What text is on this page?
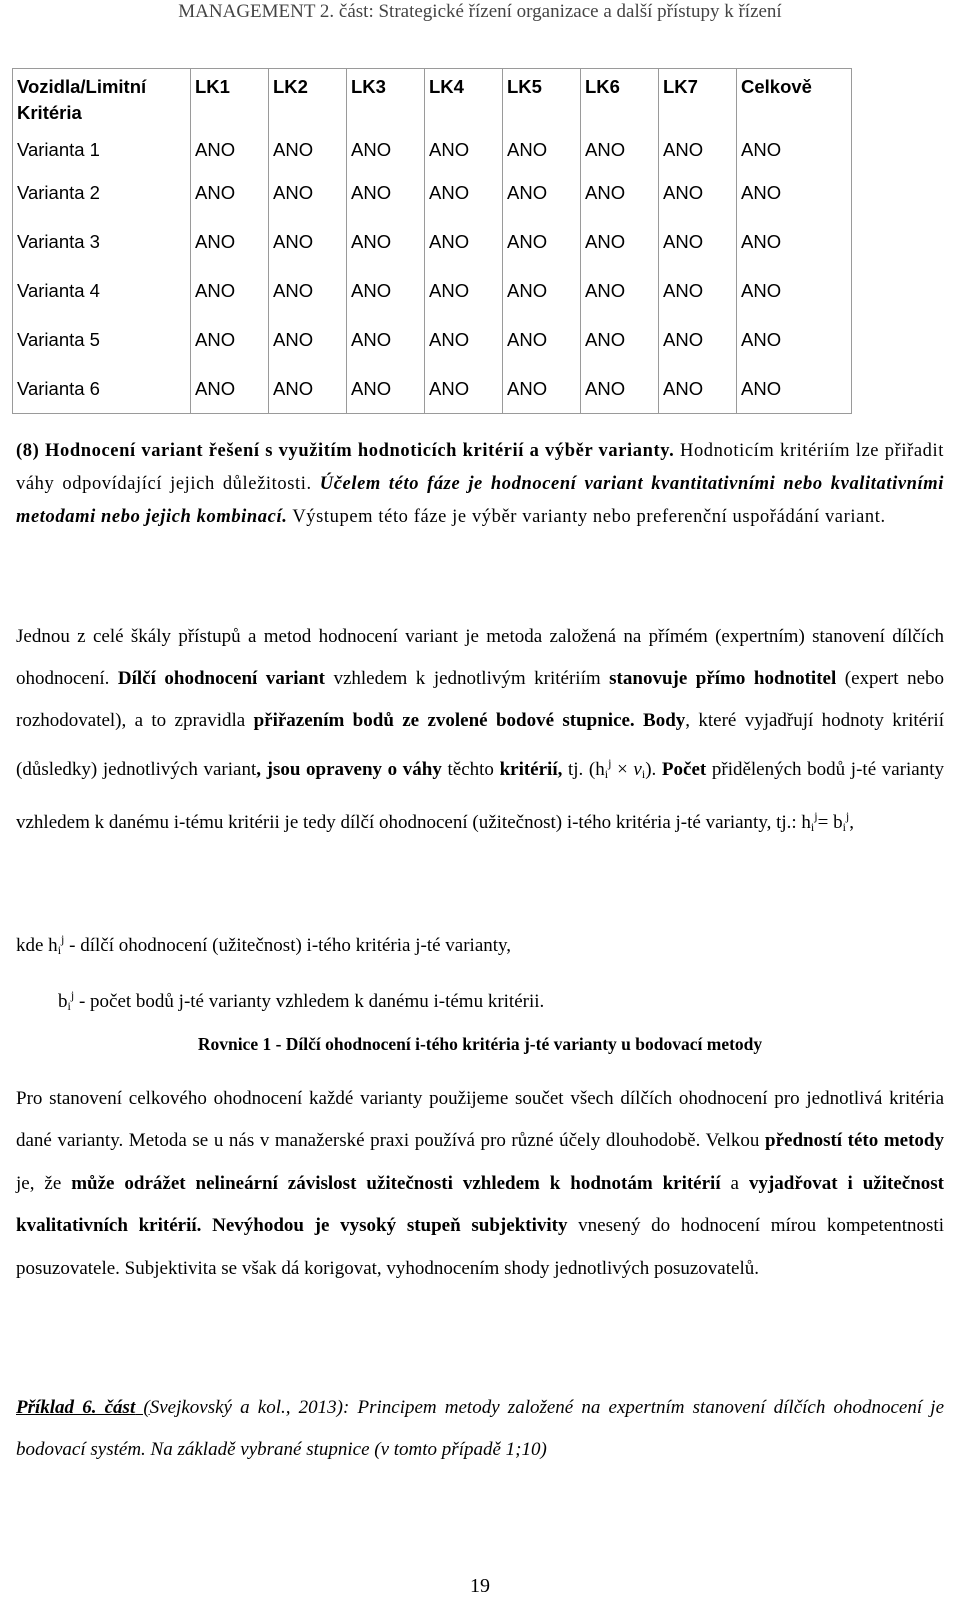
MANAGEMENT 2. část: Strategické řízení organizace a další přístupy k řízení
Vozidla/Limitní Kritéria	LK1	LK2	LK3	LK4	LK5	LK6	LK7	Celkově
Varianta 1	ANO	ANO	ANO	ANO	ANO	ANO	ANO	ANO
Varianta 2	ANO	ANO	ANO	ANO	ANO	ANO	ANO	ANO
Varianta 3	ANO	ANO	ANO	ANO	ANO	ANO	ANO	ANO
Varianta 4	ANO	ANO	ANO	ANO	ANO	ANO	ANO	ANO
Varianta 5	ANO	ANO	ANO	ANO	ANO	ANO	ANO	ANO
Varianta 6	ANO	ANO	ANO	ANO	ANO	ANO	ANO	ANO

(8) Hodnocení variant řešení s využitím hodnoticích kritérií a výběr varianty. Hodnoticím kritériím lze přiřadit váhy odpovídající jejich důležitosti. Účelem této fáze je hodnocení variant kvantitativními nebo kvalitativními metodami nebo jejich kombinací. Výstupem této fáze je výběr varianty nebo preferenční uspořádání variant.

Jednou z celé škály přístupů a metod hodnocení variant je metoda založená na přímém (expertním) stanovení dílčích ohodnocení. Dílčí ohodnocení variant vzhledem k jednotlivým kritériím stanovuje přímo hodnotitel (expert nebo rozhodovatel), a to zpravidla přiřazením bodů ze zvolené bodové stupnice. Body, které vyjadřují hodnoty kritérií (důsledky) jednotlivých variant, jsou opraveny o váhy těchto kritérií, tj. $(h_i^j \times v_i)$. Počet přidělených bodů j-té varianty vzhledem k danému i-tému kritérii je tedy dílčí ohodnocení (užitečnost) i-tého kritéria j-té varianty, tj.: $h_i^j= b_i^j$,

kde $h_i^j$ - dílčí ohodnocení (užitečnost) i-tého kritéria j-té varianty,
$b_i^j$ - počet bodů j-té varianty vzhledem k danému i-tému kritérii.
Rovnice 1 - Dílčí ohodnocení i-tého kritéria j-té varianty u bodovací metody

Pro stanovení celkového ohodnocení každé varianty použijeme součet všech dílčích ohodnocení pro jednotlivá kritéria dané varianty. Metoda se u nás v manažerské praxi používá pro různé účely dlouhodobě. Velkou předností této metody je, že může odrážet nelineární závislost užitečnosti vzhledem k hodnotám kritérií a vyjadřovat i užitečnost kvalitativních kritérií. Nevýhodou je vysoký stupeň subjektivity vnesený do hodnocení mírou kompetentnosti posuzovatele. Subjektivita se však dá korigovat, vyhodnocením shody jednotlivých posuzovatelů.

Příklad 6. část (Svejkovský a kol., 2013): Principem metody založené na expertním stanovení dílčích ohodnocení je bodovací systém. Na základě vybrané stupnice (v tomto případě 1;10)

19
